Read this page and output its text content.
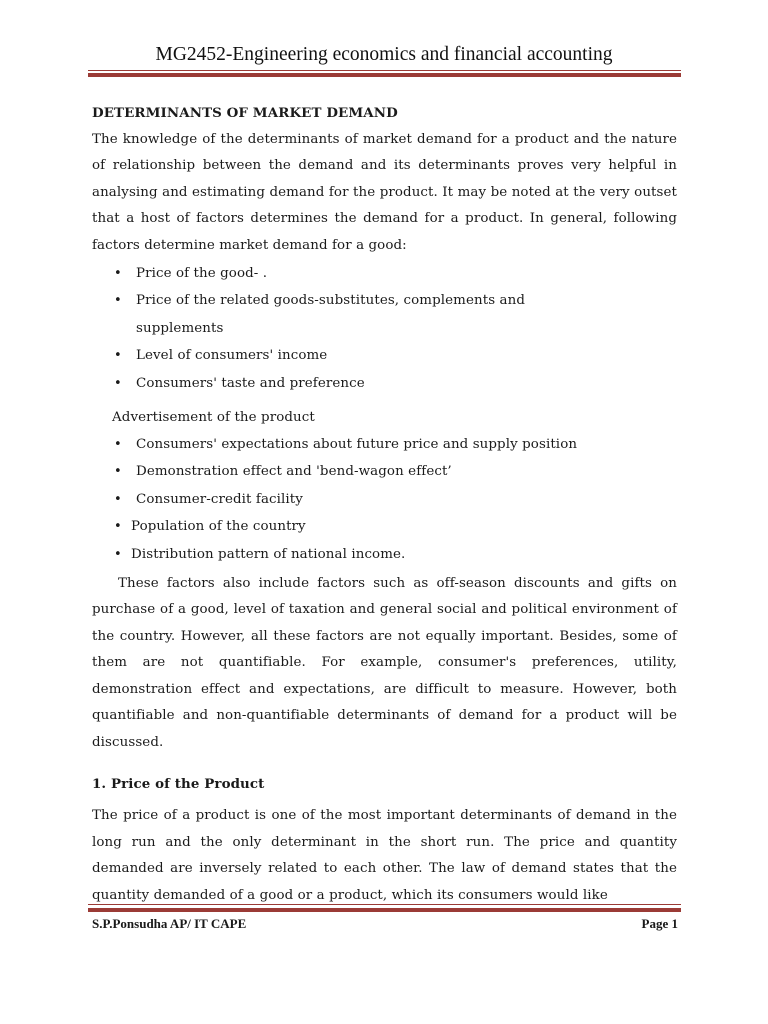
MG2452-Engineering economics and financial accounting

DETERMINANTS OF MARKET DEMAND

The knowledge of the determinants of market demand for a product and the nature of relationship between the demand and its determinants proves very helpful in analysing and estimating demand for the product. It may be noted at the very outset that a host of factors determines the demand for a product. In general, following factors determine market demand for a good:

• Price of the good- .
• Price of the related goods-substitutes, complements and
supplements
• Level of consumers' income
• Consumers' taste and preference
Advertisement of the product
• Consumers' expectations about future price and supply position
• Demonstration effect and 'bend-wagon effect’
• Consumer-credit facility
• Population of the country
• Distribution pattern of national income.

These factors also include factors such as off-season discounts and gifts on purchase of a good, level of taxation and general social and political environment of the country. However, all these factors are not equally important. Besides, some of them are not quantifiable. For example, consumer's preferences, utility, demonstration effect and expectations, are difficult to measure. However, both quantifiable and non-quantifiable determinants of demand for a product will be discussed.

1. Price of the Product

The price of a product is one of the most important determinants of demand in the long run and the only determinant in the short run. The price and quantity demanded are inversely related to each other. The law of demand states that the quantity demanded of a good or a product, which its consumers would like

S.P.Ponsudha AP/ IT CAPE	Page 1
